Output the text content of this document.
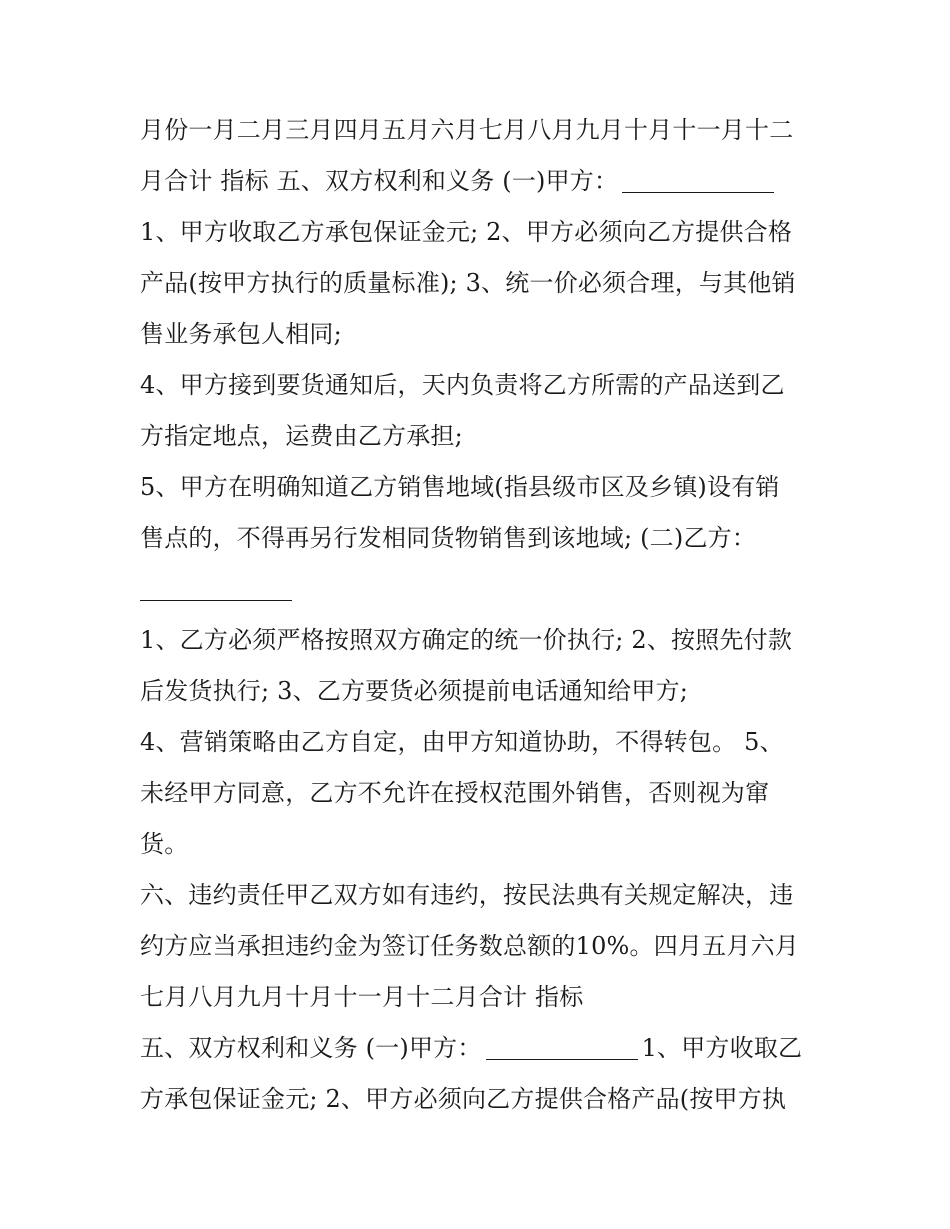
月份一月二月三月四月五月六月七月八月九月十月十一月十二
月合计 指标 五、双方权利和义务 (一)甲方：
1、甲方收取乙方承包保证金元; 2、甲方必须向乙方提供合格
产品(按甲方执行的质量标准); 3、统一价必须合理，与其他销
售业务承包人相同;
4、甲方接到要货通知后，天内负责将乙方所需的产品送到乙
方指定地点，运费由乙方承担;
5、甲方在明确知道乙方销售地域(指县级市区及乡镇)设有销
售点的，不得再另行发相同货物销售到该地域; (二)乙方：
1、乙方必须严格按照双方确定的统一价执行; 2、按照先付款
后发货执行; 3、乙方要货必须提前电话通知给甲方;
4、营销策略由乙方自定，由甲方知道协助，不得转包。 5、
未经甲方同意，乙方不允许在授权范围外销售，否则视为窜
货。
六、违约责任甲乙双方如有违约，按民法典有关规定解决，违
约方应当承担违约金为签订任务数总额的10%。四月五月六月
七月八月九月十月十一月十二月合计 指标
五、双方权利和义务 (一)甲方：	1、甲方收取乙
方承包保证金元; 2、甲方必须向乙方提供合格产品(按甲方执
